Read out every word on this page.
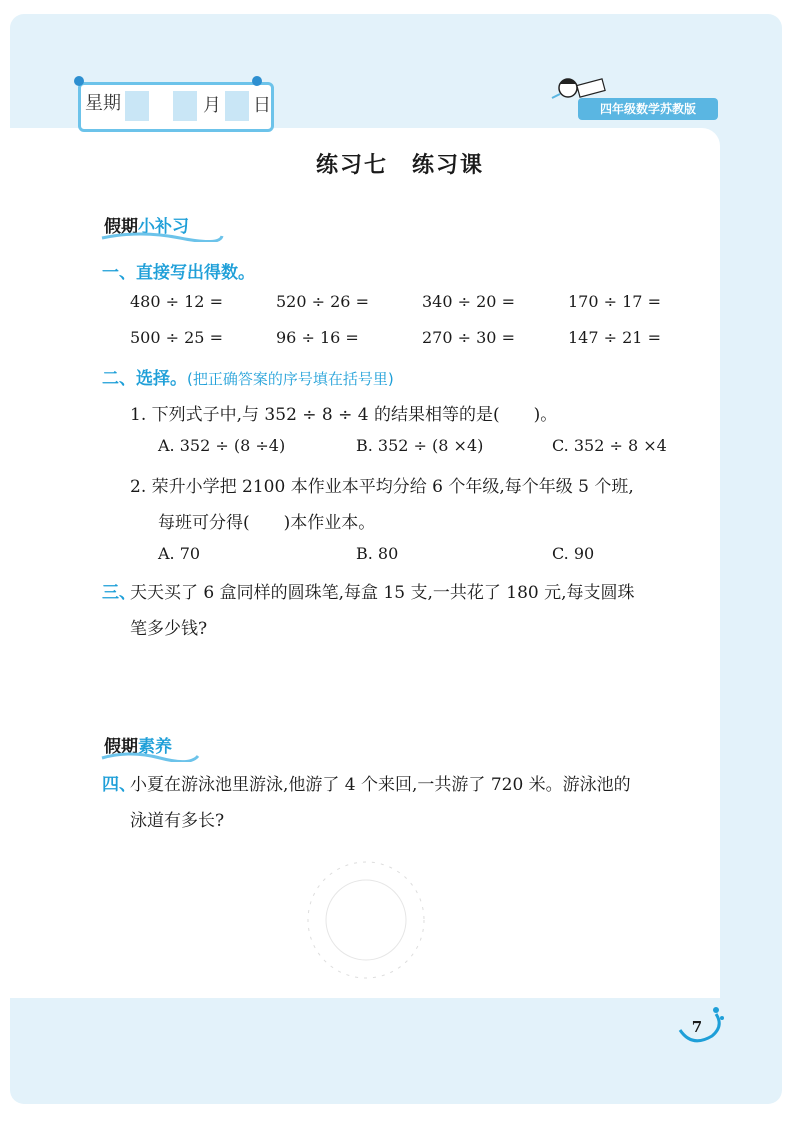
星期	月 日	四年级数学苏教版
练习七　练习课
假期小补习
一、直接写出得数。
480 ÷ 12 =	520 ÷ 26 =	340 ÷ 20 =	170 ÷ 17 =
500 ÷ 25 =	96 ÷ 16 =	270 ÷ 30 =	147 ÷ 21 =
二、选择。(把正确答案的序号填在括号里)
1. 下列式子中,与 352 ÷ 8 ÷ 4 的结果相等的是(　　)。
A. 352 ÷ (8 ÷4)	B. 352 ÷ (8 ×4)	C. 352 ÷ 8 ×4
2. 荣升小学把 2100 本作业本平均分给 6 个年级,每个年级 5 个班,
每班可分得(　　)本作业本。
A. 70	B. 80	C. 90
三、
天天买了 6 盒同样的圆珠笔,每盒 15 支,一共花了 180 元,每支圆珠
笔多少钱?
假期素养
四、
小夏在游泳池里游泳,他游了 4 个来回,一共游了 720 米。游泳池的
泳道有多长?
7
